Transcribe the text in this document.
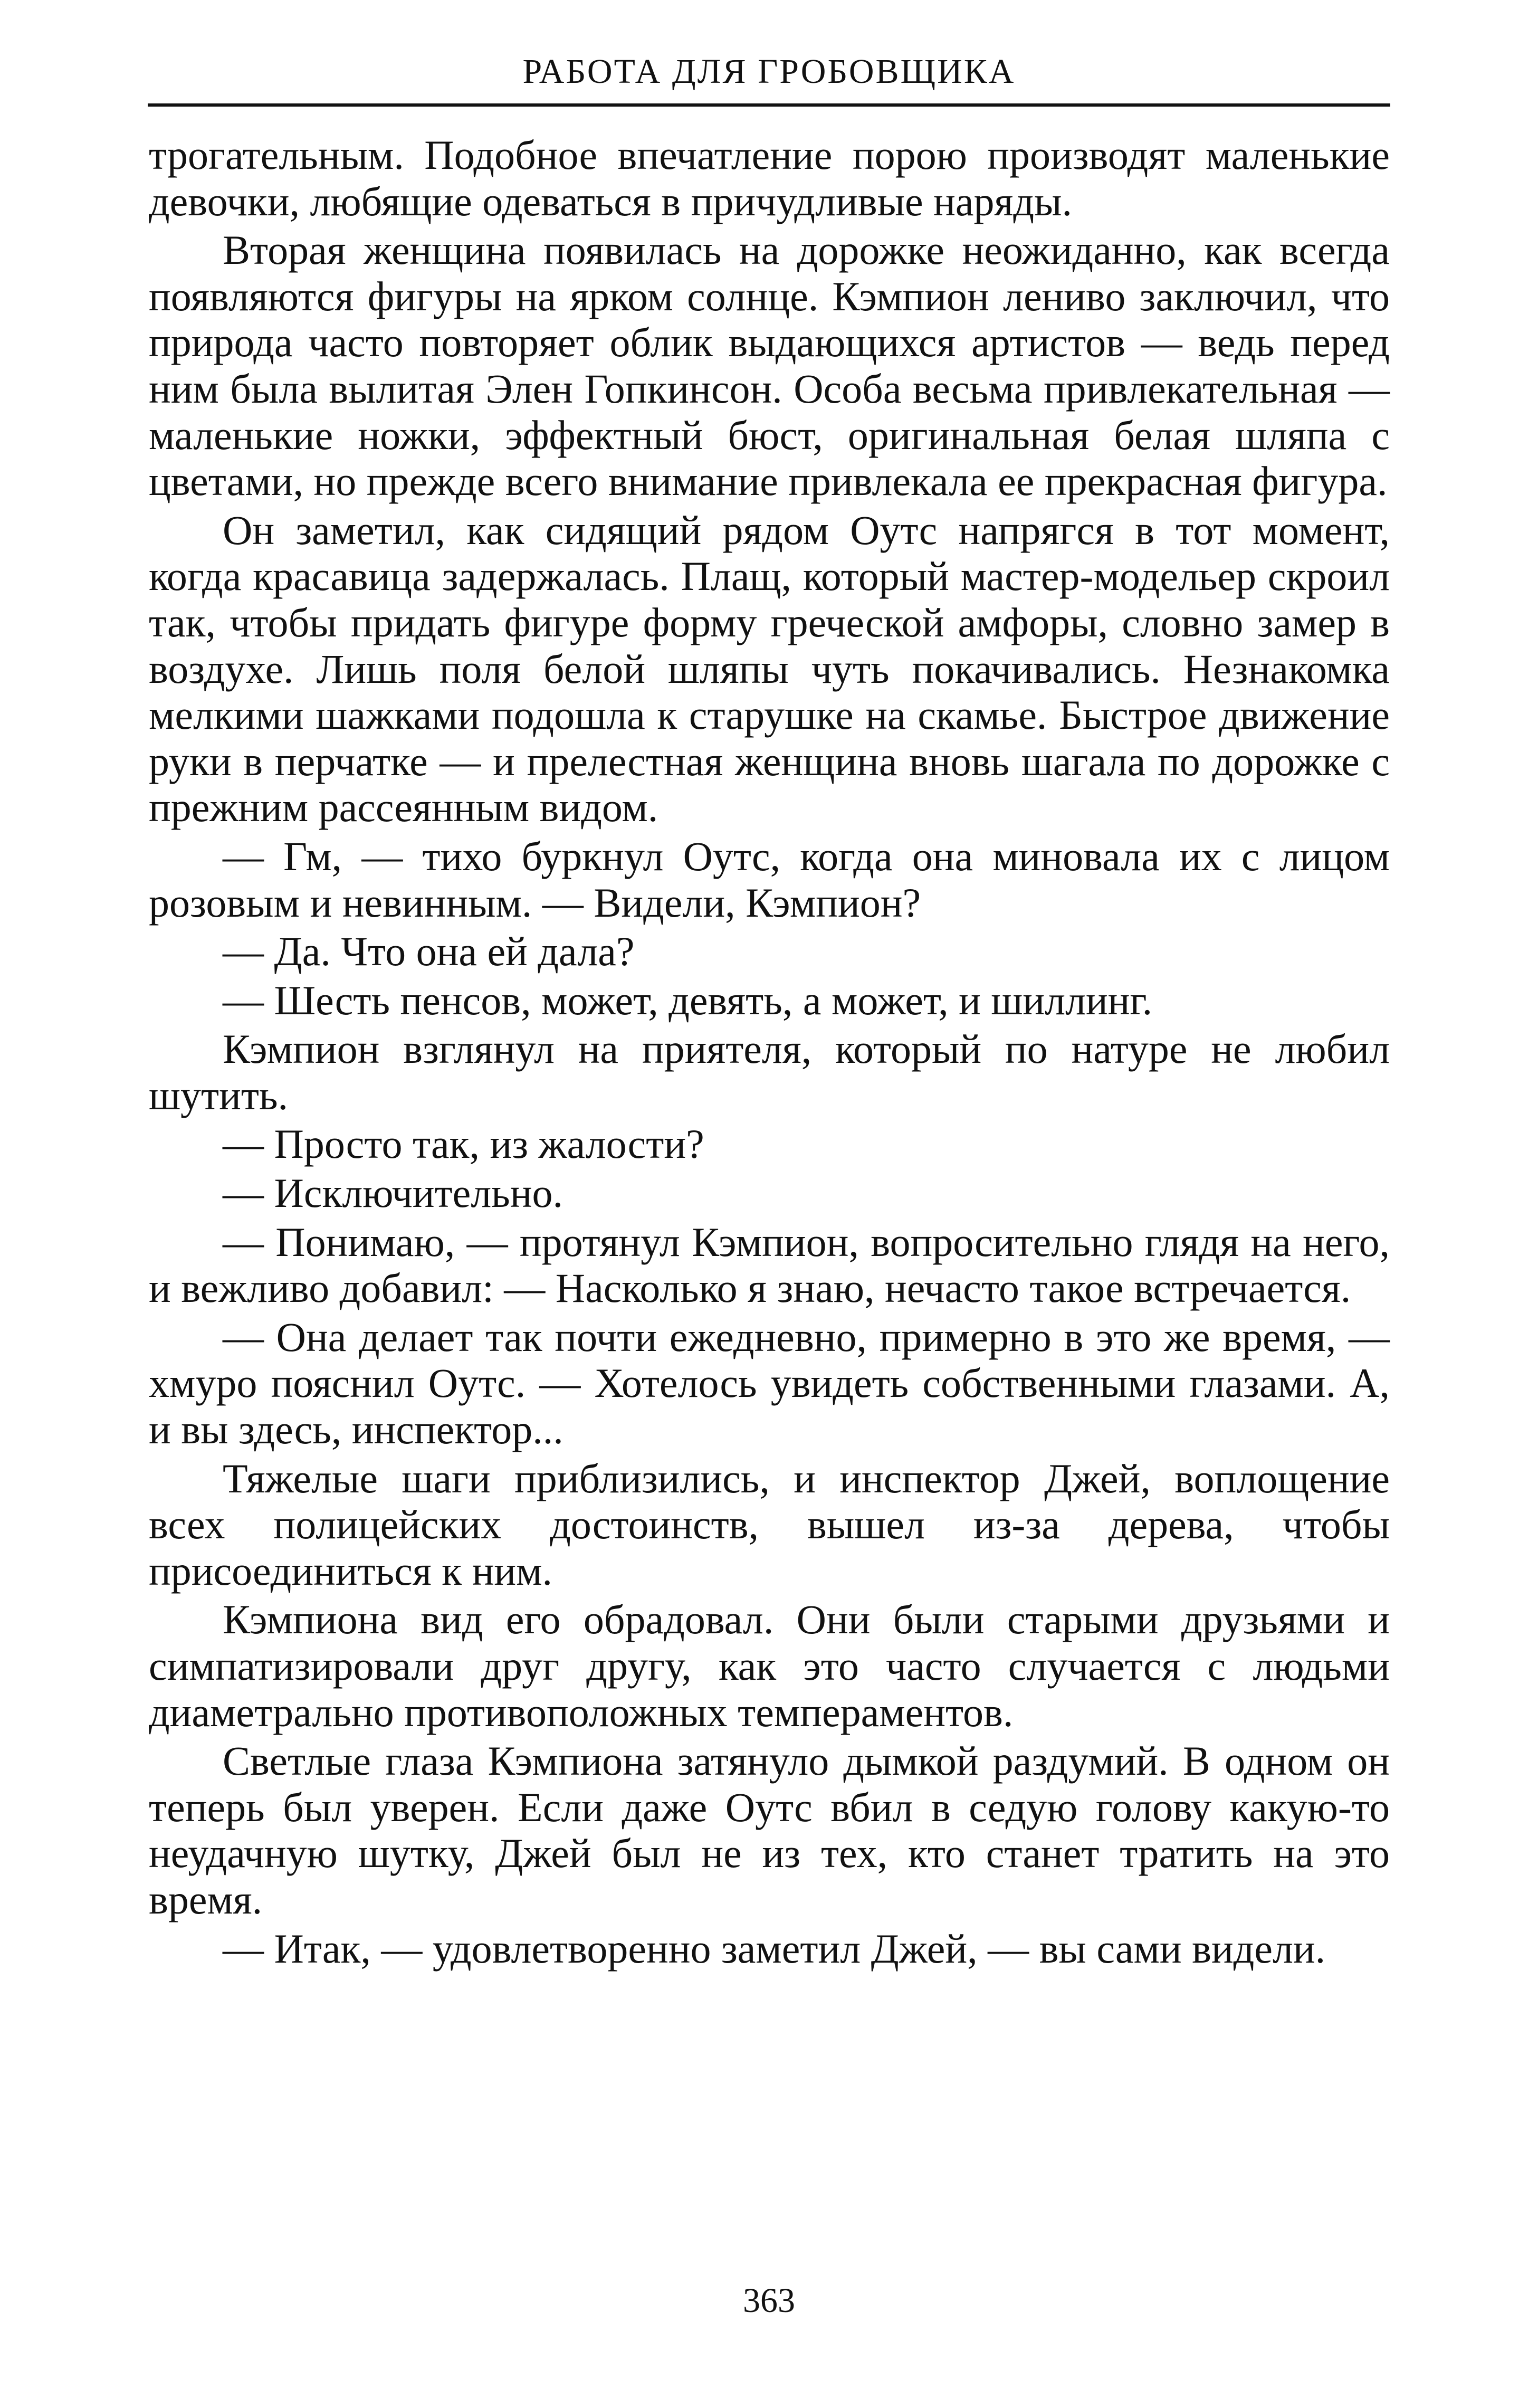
РАБОТА ДЛЯ ГРОБОВЩИКА

трогательным. Подобное впечатление порою производят маленькие девочки, любящие одеваться в причудливые наряды.

Вторая женщина появилась на дорожке неожиданно, как всегда появляются фигуры на ярком солнце. Кэмпион лениво заключил, что природа часто повторяет облик выдающихся артистов — ведь перед ним была вылитая Элен Гопкинсон. Особа весьма привлекательная — маленькие ножки, эффектный бюст, оригинальная белая шляпа с цветами, но прежде всего внимание привлекала ее прекрасная фигура.

Он заметил, как сидящий рядом Оутс напрягся в тот момент, когда красавица задержалась. Плащ, который мастер-модельер скроил так, чтобы придать фигуре форму греческой амфоры, словно замер в воздухе. Лишь поля белой шляпы чуть покачивались. Незнакомка мелкими шажками подошла к старушке на скамье. Быстрое движение руки в перчатке — и прелестная женщина вновь шагала по дорожке с прежним рассеянным видом.

— Гм, — тихо буркнул Оутс, когда она миновала их с лицом розовым и невинным. — Видели, Кэмпион?

— Да. Что она ей дала?

— Шесть пенсов, может, девять, а может, и шиллинг.

Кэмпион взглянул на приятеля, который по натуре не любил шутить.

— Просто так, из жалости?

— Исключительно.

— Понимаю, — протянул Кэмпион, вопросительно глядя на него, и вежливо добавил: — Насколько я знаю, нечасто такое встречается.

— Она делает так почти ежедневно, примерно в это же время, — хмуро пояснил Оутс. — Хотелось увидеть собственными глазами. А, и вы здесь, инспектор...

Тяжелые шаги приблизились, и инспектор Джей, воплощение всех полицейских достоинств, вышел из-за дерева, чтобы присоединиться к ним.

Кэмпиона вид его обрадовал. Они были старыми друзьями и симпатизировали друг другу, как это часто случается с людьми диаметрально противоположных темпераментов.

Светлые глаза Кэмпиона затянуло дымкой раздумий. В одном он теперь был уверен. Если даже Оутс вбил в седую голову какую-то неудачную шутку, Джей был не из тех, кто станет тратить на это время.

— Итак, — удовлетворенно заметил Джей, — вы сами видели.

363
